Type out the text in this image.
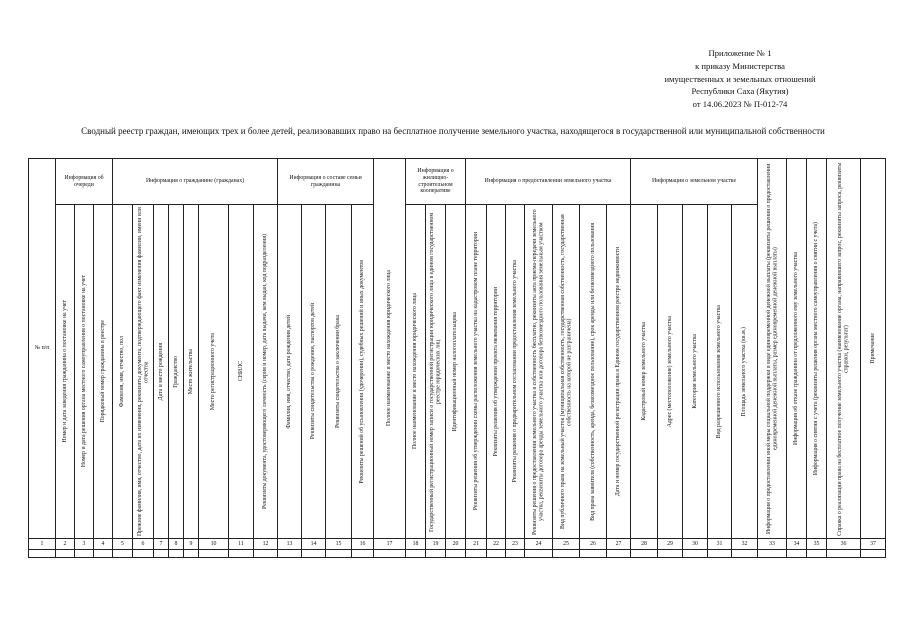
Приложение № 1
к приказу Министерства
имущественных и земельных отношений
Республики Саха (Якутия)
от 14.06.2023 № П-012-74
Сводный реестр граждан, имеющих трех и более детей, реализовавших право на бесплатное получение земельного участка, находящегося в государственной или муниципальной собственности
№ п/п	Информация об очереди			Информация о гражданине (гражданах)								Информация о составе семьи гражданина				Полное наименование и место нахождения юридического лица	Информация о жилищно-строительном кооперативе			Информация о предоставлении земельного участка							Информация о земельном участке					Информация о предоставлении иной меры социальной поддержки в виде единовременной денежной выплаты (реквизиты решения о предоставлении единовременной денежной выплаты, размер единовременной денежной выплаты)	Информация об отказе гражданина от предложенного ему земельного участка	Информация о снятии с учета (реквизиты решения органа местного самоуправления о снятии с учета)	Справка о реализации права на бесплатное получение земельного участка (наименование органа, направившего запрос, реквизиты запроса, реквизиты справки, результат)	Примечание

	Номер и дата заведения гражданина о постановке на учет	Номер и дата решения органа местного самоуправления о постановке на учет	Порядковый номер гражданина в реестре	Фамилия, имя, отчество, пол	Прежние фамилия, имя, отчество, дата их изменения, реквизиты документа, подтверждающего факт изменения фамилии, имени или отчества	Дата и место рождения	Гражданство	Место жительства	Место регистрационного учета	СНИЛС	Реквизиты документа, удостоверяющего личность (серия и номер, дата выдачи, кем выдан, код подразделения)	Фамилия, имя, отчество, дата рождения детей	Реквизиты свидетельства о рождении, паспортов детей	Реквизиты свидетельства о заключении брака	Реквизиты решений об усыновлении (удочерении), судебных решений и иных документов		Полное наименование и место нахождения юридического лица	Государственный регистрационный номер записи о государственной регистрации юридического лица в едином государственном реестре юридических лиц	Идентификационный номер налогоплательщика	Реквизиты решения об утверждении схемы расположения земельного участка на кадастровом плане территории	Реквизиты решения об утверждении проекта межевания территории	Реквизиты решения о предварительном согласовании предоставления земельного участка	Реквизиты решения о предоставлении земельного участка в собственность бесплатно, реквизиты акта приема-передачи земельного участка, реквизиты договора аренды земельного участка или договора безвозмездного пользования земельным участком	Вид публичного права на земельный участок (муниципальная собственность, государственная собственность, государственная собственность на которой не разграничена)	Вид права заявителя (собственность, аренда, безвозмездное пользование), срок аренды или безвозмездного пользования	Дата и номер государственной регистрации права в Едином государственном реестре недвижимости	Кадастровый номер земельного участка	Адрес (местоположение) земельного участка	Категория земельного участка	Вид разрешенного использования земельного участка	Площадь земельного участка (кв.м.)					

1	2	3	4	5	6	7	8	9	10	11	12	13	14	15	16	17	18	19	20	21	22	23	24	25	26	27	28	29	30	31	32	33	34	35	36	37
